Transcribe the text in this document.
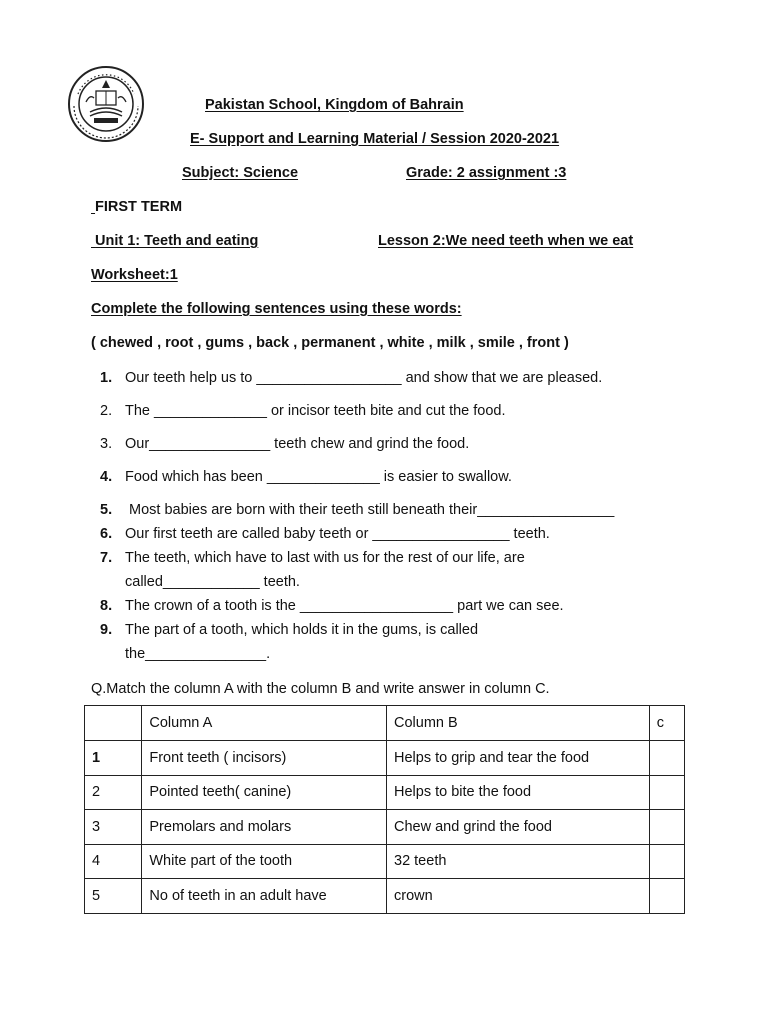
Pakistan School, Kingdom of Bahrain
E- Support and Learning Material / Session 2020-2021
Subject: Science	Grade: 2 assignment :3
FIRST TERM
Unit 1: Teeth and eating	Lesson 2:We need teeth when we eat
Worksheet:1
Complete the following sentences using these words:
( chewed , root , gums , back , permanent , white , milk , smile , front )
1. Our teeth help us to __________________ and show that we are pleased.
2. The ______________ or incisor teeth bite and cut the food.
3. Our_______________ teeth chew and grind the food.
4. Food which has been ______________ is easier to swallow.
5. Most babies are born with their teeth still beneath their_________________
6. Our first teeth are called baby teeth or _________________ teeth.
7. The teeth, which have to last with us for the rest of our life, are
called____________ teeth.
8. The crown of a tooth is the ___________________ part we can see.
9. The part of a tooth, which holds it in the gums, is called
the_______________.
Q.Match the column A with the column B and write answer in column C.
	Column A	Column B	c
1	Front teeth ( incisors)	Helps to grip and tear the food	
2	Pointed teeth( canine)	Helps to bite the food	
3	Premolars and molars	Chew and grind the food	
4	White part of the tooth	32 teeth	
5	No of teeth in an adult have	crown	
